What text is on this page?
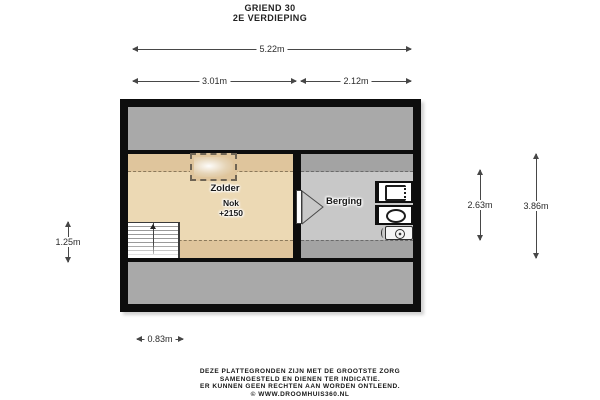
GRIEND 30
2E VERDIEPING
5.22m
3.01m	2.12m
1.25m
2.63m	3.86m
0.83m
Zolder
Nok
+2150
Berging
DEZE PLATTEGRONDEN ZIJN MET DE GROOTSTE ZORG
SAMENGESTELD EN DIENEN TER INDICATIE.
ER KUNNEN GEEN RECHTEN AAN WORDEN ONTLEEND.
© WWW.DROOMHUIS360.NL
